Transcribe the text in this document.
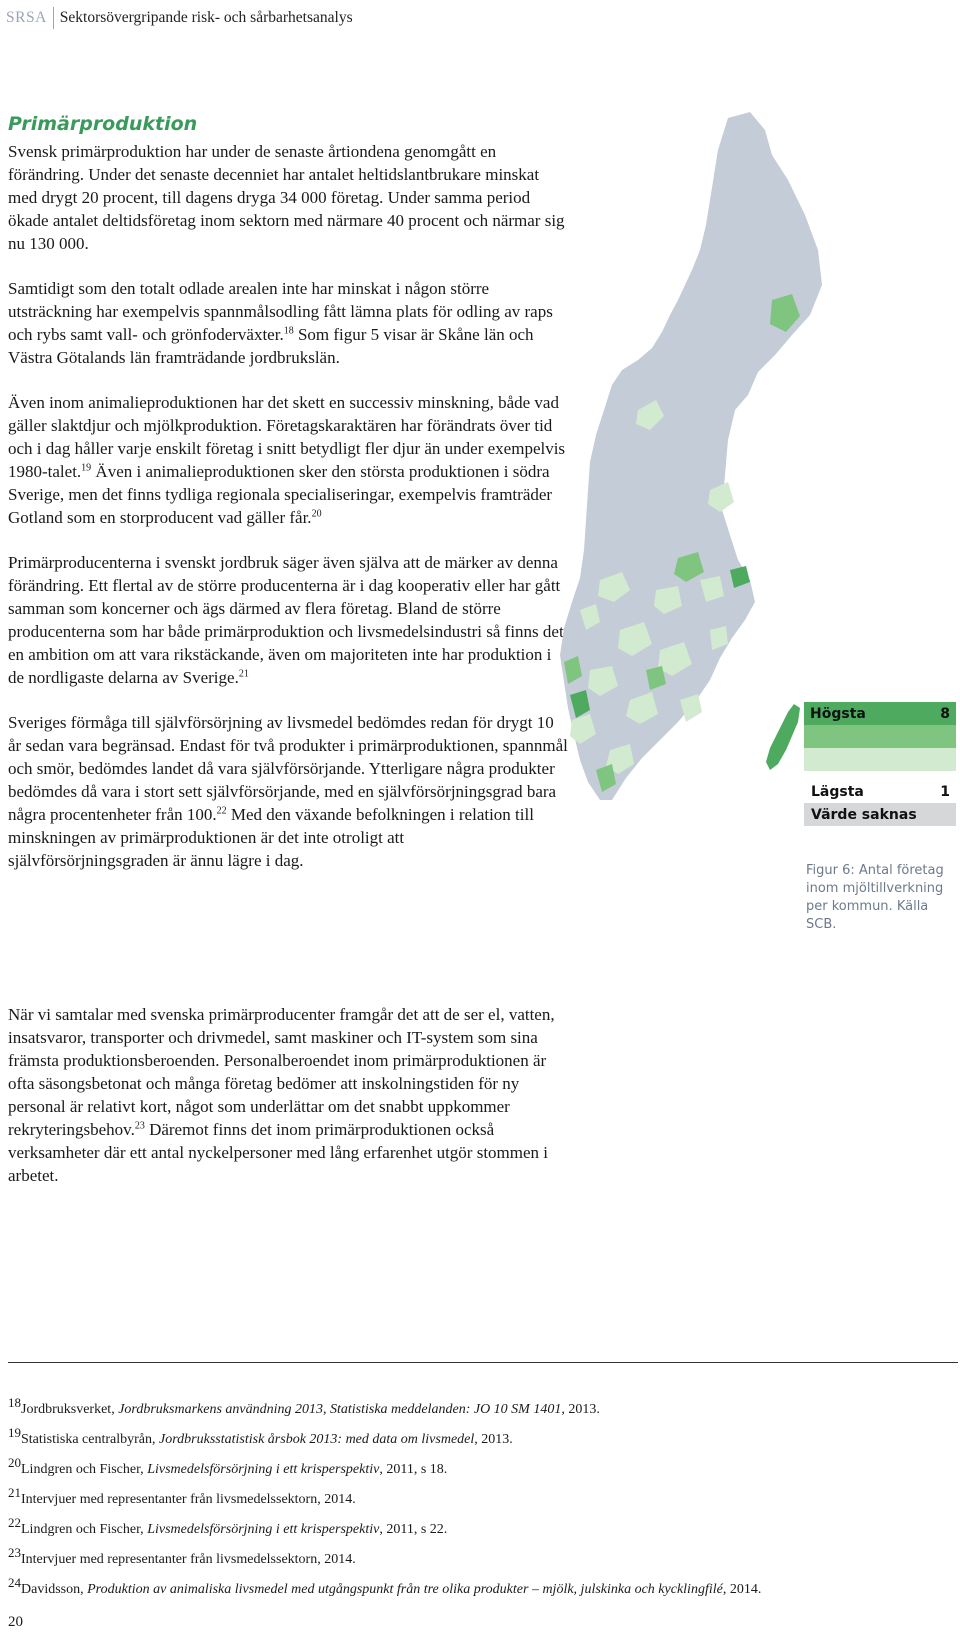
SRSA Sektorsövergripande risk- och sårbarhetsanalys
Primärproduktion

Svensk primärproduktion har under de senaste årtiondena genomgått en förändring. Under det senaste decenniet har antalet heltidslantbrukare minskat med drygt 20 procent, till dagens dryga 34 000 företag. Under samma period ökade antalet deltidsföretag inom sektorn med närmare 40 procent och närmar sig nu 130 000.

Samtidigt som den totalt odlade arealen inte har minskat i någon större utsträckning har exempelvis spannmålsodling fått lämna plats för odling av raps och rybs samt vall- och grönfoderväxter.$^{18}$ Som figur 5 visar är Skåne län och Västra Götalands län framträdande jordbrukslän.

Även inom animalieproduktionen har det skett en successiv minskning, både vad gäller slaktdjur och mjölkproduktion. Företagskaraktären har förändrats över tid och i dag håller varje enskilt företag i snitt betydligt fler djur än under exempelvis 1980-talet.$^{19}$ Även i animalieproduktionen sker den största produktionen i södra Sverige, men det finns tydliga regionala specialiseringar, exempelvis framträder Gotland som en storproducent vad gäller får.$^{20}$

Primärproducenterna i svenskt jordbruk säger även själva att de märker av denna förändring. Ett flertal av de större producenterna är i dag kooperativ eller har gått samman som koncerner och ägs därmed av flera företag. Bland de större producenterna som har både primärproduktion och livsmedelsindustri så finns det en ambition om att vara rikstäckande, även om majoriteten inte har produktion i de nordligaste delarna av Sverige.$^{21}$

Sveriges förmåga till självförsörjning av livsmedel bedömdes redan för drygt 10 år sedan vara begränsad. Endast för två produkter i primärproduktionen, spannmål och smör, bedömdes landet då vara självförsörjande. Ytterligare några produkter bedömdes då vara i stort sett självförsörjande, med en självförsörjningsgrad bara några procentenheter från 100.22 Med den växande befolkningen i relation till minskningen av primärproduktionen är det inte otroligt att självförsörjningsgraden är ännu lägre i dag.

När vi samtalar med svenska primärproducenter framgår det att de ser el, vatten, insatsvaror, transporter och drivmedel, samt maskiner och IT-system som sina främsta produktionsberoenden. Personalberoendet inom primärproduktionen är ofta säsongsbetonat och många företag bedömer att inskolningstiden för ny personal är relativt kort, något som underlättar om det snabbt uppkommer rekryteringsbehov.$^{23}$ Däremot finns det inom primärproduktionen också verksamheter där ett antal nyckelpersoner med lång erfarenhet utgör stommen i arbetet.

Högsta	8
Lägsta	1
Värde saknas
Figur 6: Antal företag inom mjöltillverkning per kommun. Källa SCB.
18Jordbruksverket, Jordbruksmarkens användning 2013, Statistiska meddelanden: JO 10 SM 1401, 2013.
19Statistiska centralbyrån, Jordbruksstatistisk årsbok 2013: med data om livsmedel, 2013.
20Lindgren och Fischer, Livsmedelsförsörjning i ett krisperspektiv, 2011, s 18.
21Intervjuer med representanter från livsmedelssektorn, 2014.
22Lindgren och Fischer, Livsmedelsförsörjning i ett krisperspektiv, 2011, s 22.
23Intervjuer med representanter från livsmedelssektorn, 2014.
24Davidsson, Produktion av animaliska livsmedel med utgångspunkt från tre olika produkter – mjölk, julskinka och kycklingfilé, 2014.
20
